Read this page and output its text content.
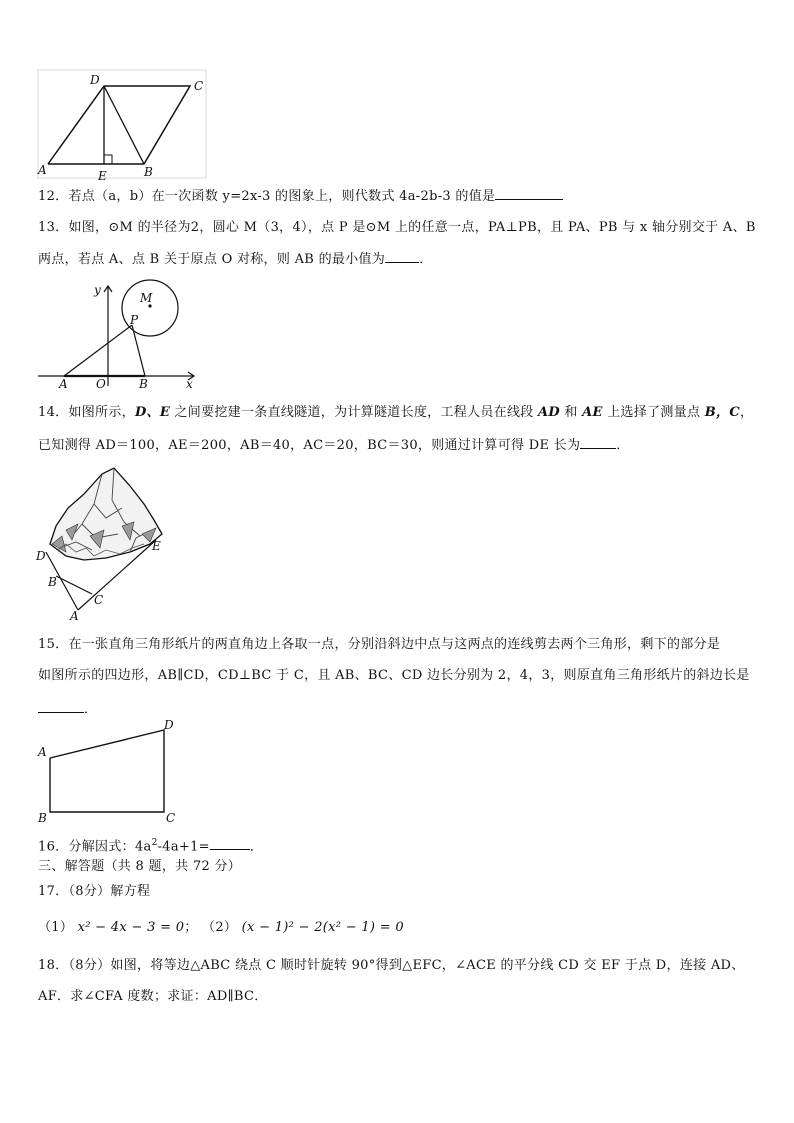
D	C
A	E	B
12．若点（a，b）在一次函数 y=2x-3 的图象上，则代数式 4a-2b-3 的值是
13．如图，⊙M 的半径为2，圆心 M（3，4），点 P 是⊙M 上的任意一点，PA⊥PB，且 PA、PB 与 x 轴分别交于 A、B
两点，若点 A、点 B 关于原点 O 对称，则 AB 的最小值为	．
y
M
P
A O	B	x
14．如图所示，D、E 之间要挖建一条直线隧道，为计算隧道长度，工程人员在线段 AD 和 AE 上选择了测量点 B，C，
已知测得 AD＝100，AE＝200，AB＝40，AC＝20，BC＝30，则通过计算可得 DE 长为	．
D
E
B
C
A
15．在一张直角三角形纸片的两直角边上各取一点，分别沿斜边中点与这两点的连线剪去两个三角形，剩下的部分是
如图所示的四边形，AB∥CD，CD⊥BC 于 C，且 AB、BC、CD 边长分别为 2，4，3，则原直角三角形纸片的斜边长是
．
A
D
B	C
16．分解因式：$4a^2-4a+1=$	．
三、解答题（共 8 题，共 72 分）
17．（8分）解方程
（1） x² − 4x − 3 = 0； （2） (x − 1)² − 2(x² − 1) = 0
18．（8分）如图，将等边△ABC 绕点 C 顺时针旋转 90°得到△EFC，∠ACE 的平分线 CD 交 EF 于点 D，连接 AD、
AF．求∠CFA 度数；求证：AD∥BC．
